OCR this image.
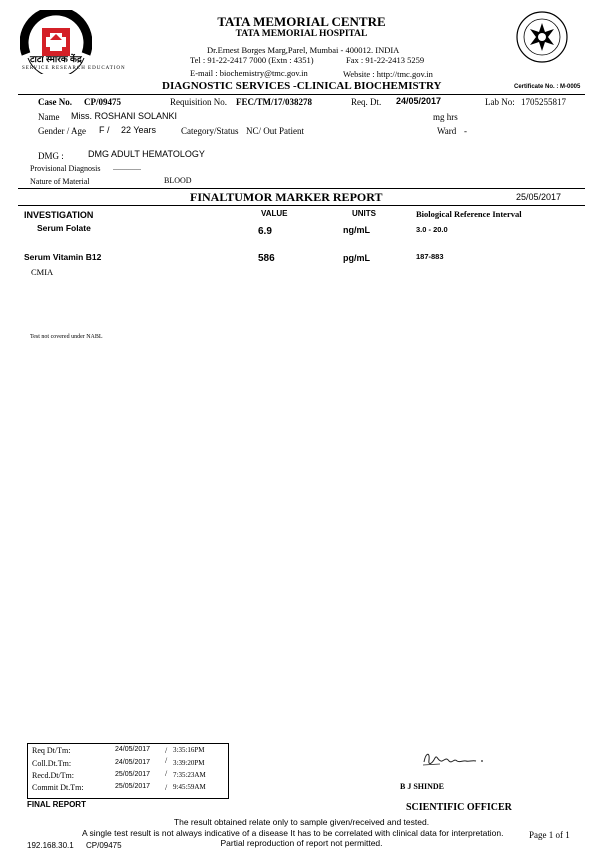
टाटा स्मारक केंद्र
SERVICE RESEARCH EDUCATION
Certificate No. : M-0005
TATA MEMORIAL CENTRE
TATA MEMORIAL HOSPITAL
Dr.Ernest Borges Marg,Parel, Mumbai - 400012. INDIA
Tel : 91-22-2417 7000 (Extn : 4351)	Fax : 91-22-2413 5259
E-mail : biochemistry@tmc.gov.in	Website : http://tmc.gov.in
DIAGNOSTIC SERVICES -CLINICAL BIOCHEMISTRY
Case No. CP/09475	Requisition No. FEC/TM/17/038278	Req. Dt. 24/05/2017	Lab No: 1705255817
Name Miss. ROSHANI SOLANKI	mg hrs
Gender / Age F / 22 Years	Category/Status NC/ Out Patient	Ward -
DMG :	DMG ADULT HEMATOLOGY
Provisional Diagnosis ..............
Nature of Material	BLOOD
FINALTUMOR MARKER REPORT	25/05/2017
INVESTIGATION	VALUE	UNITS	Biological Reference Interval
Serum Folate	6.9	ng/mL	3.0 - 20.0
Serum Vitamin B12	586	pg/mL	187-883
CMIA
Test not covered under NABL
Req Dt/Tm:	24/05/2017 / 3:35:16PM
Coll.Dt.Tm:	24/05/2017 / 3:39:20PM
Recd.Dt/Tm:	25/05/2017 / 7:35:23AM
Commit Dt.Tm:	25/05/2017 / 9:45:59AM	B J SHINDE
SCIENTIFIC OFFICER
FINAL REPORT
The result obtained relate only to sample given/received and tested.
A single test result is not always indicative of a disease It has to be correlated with clinical data for interpretation.
Partial reproduction of report not permitted.
Page 1 of 1
192.168.30.1 CP/09475
